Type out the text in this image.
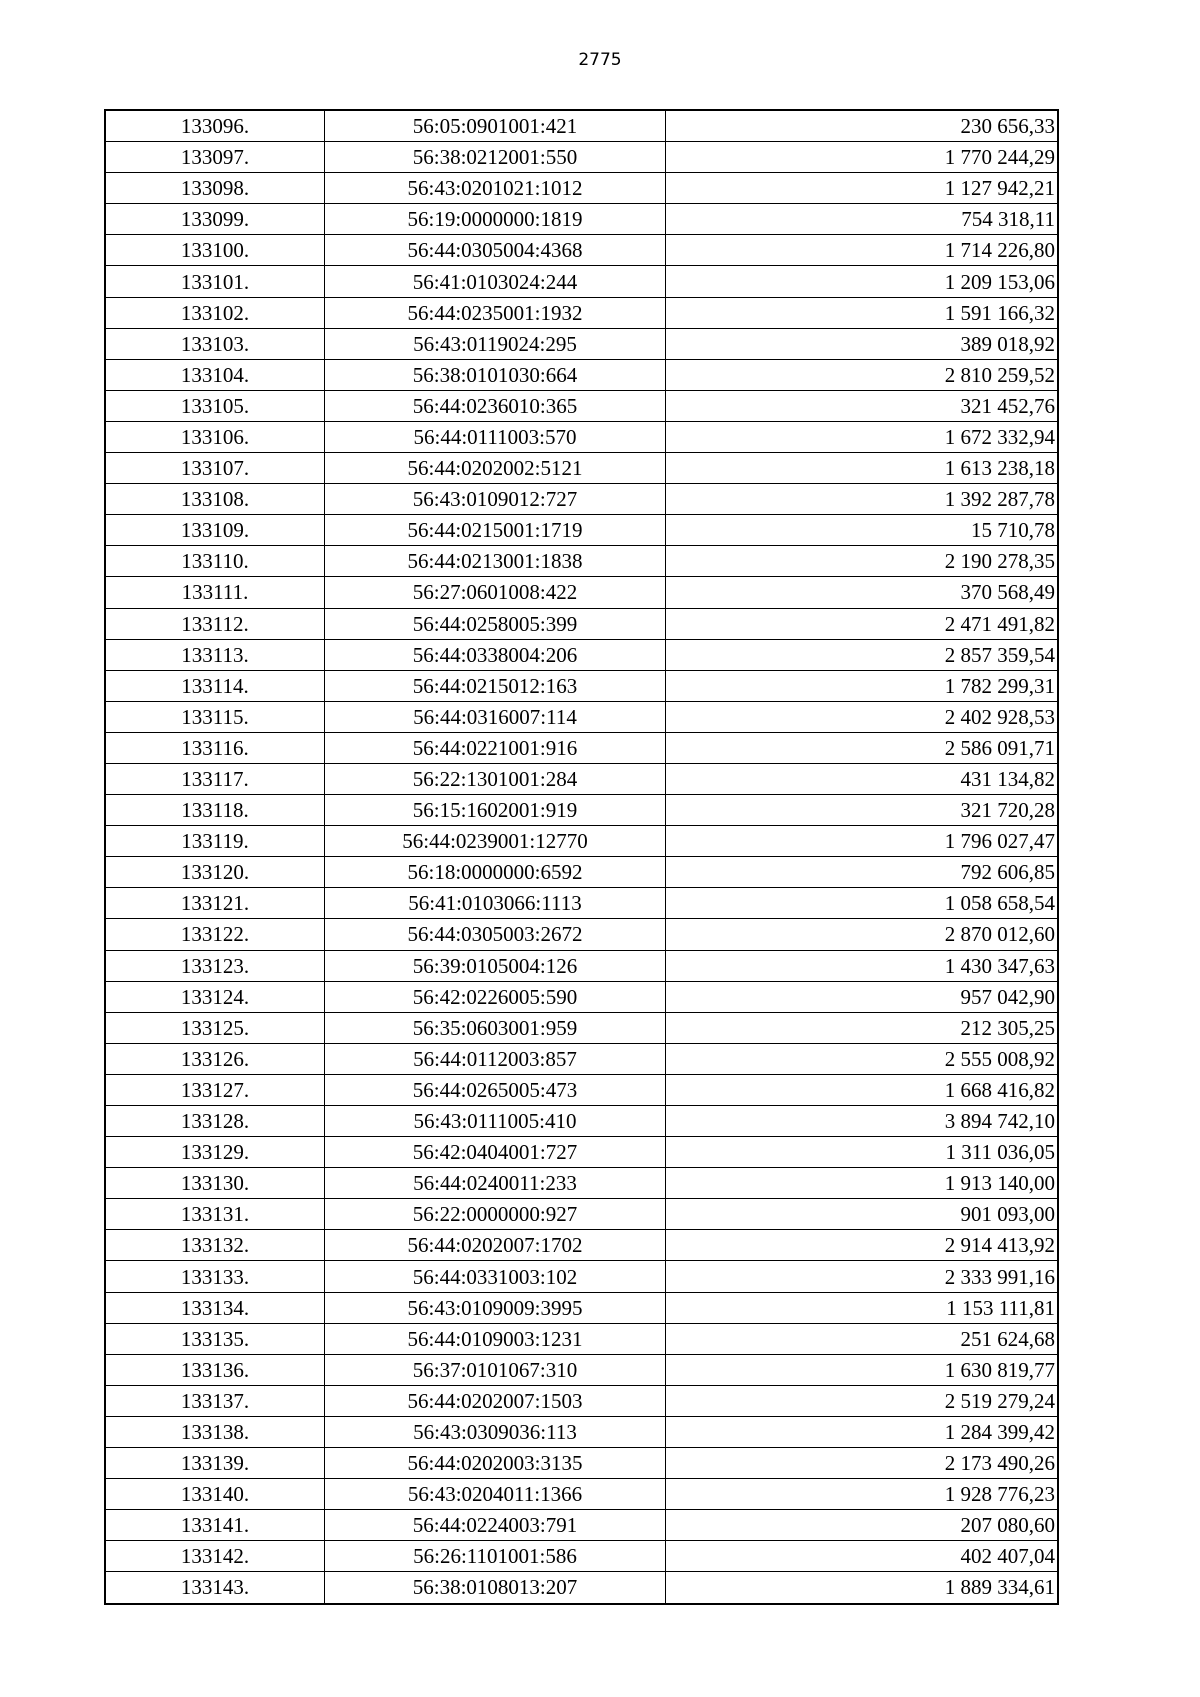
2775
133096.	56:05:0901001:421	230 656,33
133097.	56:38:0212001:550	1 770 244,29
133098.	56:43:0201021:1012	1 127 942,21
133099.	56:19:0000000:1819	754 318,11
133100.	56:44:0305004:4368	1 714 226,80
133101.	56:41:0103024:244	1 209 153,06
133102.	56:44:0235001:1932	1 591 166,32
133103.	56:43:0119024:295	389 018,92
133104.	56:38:0101030:664	2 810 259,52
133105.	56:44:0236010:365	321 452,76
133106.	56:44:0111003:570	1 672 332,94
133107.	56:44:0202002:5121	1 613 238,18
133108.	56:43:0109012:727	1 392 287,78
133109.	56:44:0215001:1719	15 710,78
133110.	56:44:0213001:1838	2 190 278,35
133111.	56:27:0601008:422	370 568,49
133112.	56:44:0258005:399	2 471 491,82
133113.	56:44:0338004:206	2 857 359,54
133114.	56:44:0215012:163	1 782 299,31
133115.	56:44:0316007:114	2 402 928,53
133116.	56:44:0221001:916	2 586 091,71
133117.	56:22:1301001:284	431 134,82
133118.	56:15:1602001:919	321 720,28
133119.	56:44:0239001:12770	1 796 027,47
133120.	56:18:0000000:6592	792 606,85
133121.	56:41:0103066:1113	1 058 658,54
133122.	56:44:0305003:2672	2 870 012,60
133123.	56:39:0105004:126	1 430 347,63
133124.	56:42:0226005:590	957 042,90
133125.	56:35:0603001:959	212 305,25
133126.	56:44:0112003:857	2 555 008,92
133127.	56:44:0265005:473	1 668 416,82
133128.	56:43:0111005:410	3 894 742,10
133129.	56:42:0404001:727	1 311 036,05
133130.	56:44:0240011:233	1 913 140,00
133131.	56:22:0000000:927	901 093,00
133132.	56:44:0202007:1702	2 914 413,92
133133.	56:44:0331003:102	2 333 991,16
133134.	56:43:0109009:3995	1 153 111,81
133135.	56:44:0109003:1231	251 624,68
133136.	56:37:0101067:310	1 630 819,77
133137.	56:44:0202007:1503	2 519 279,24
133138.	56:43:0309036:113	1 284 399,42
133139.	56:44:0202003:3135	2 173 490,26
133140.	56:43:0204011:1366	1 928 776,23
133141.	56:44:0224003:791	207 080,60
133142.	56:26:1101001:586	402 407,04
133143.	56:38:0108013:207	1 889 334,61
